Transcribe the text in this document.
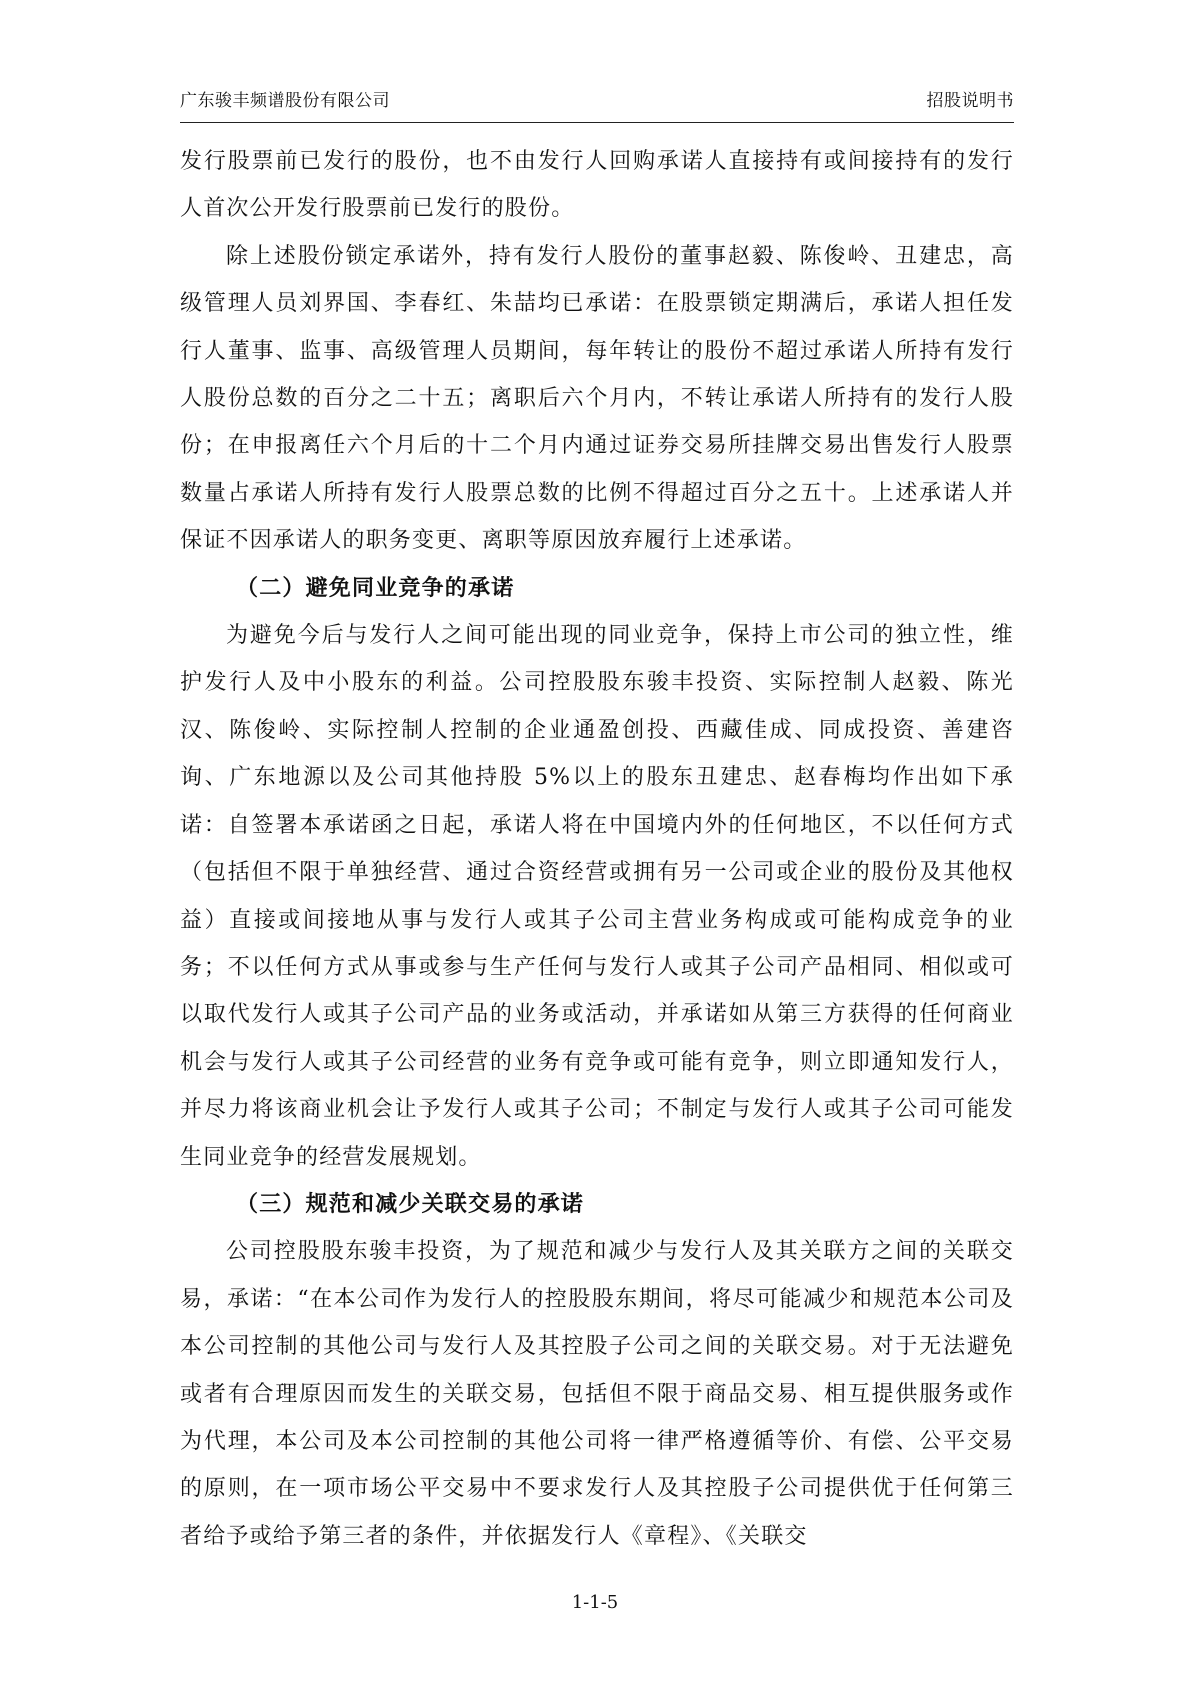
广东骏丰频谱股份有限公司	招股说明书

发行股票前已发行的股份，也不由发行人回购承诺人直接持有或间接持有的发行人首次公开发行股票前已发行的股份。

除上述股份锁定承诺外，持有发行人股份的董事赵毅、陈俊岭、丑建忠，高级管理人员刘界国、李春红、朱喆均已承诺：在股票锁定期满后，承诺人担任发行人董事、监事、高级管理人员期间，每年转让的股份不超过承诺人所持有发行人股份总数的百分之二十五；离职后六个月内，不转让承诺人所持有的发行人股份；在申报离任六个月后的十二个月内通过证券交易所挂牌交易出售发行人股票数量占承诺人所持有发行人股票总数的比例不得超过百分之五十。上述承诺人并保证不因承诺人的职务变更、离职等原因放弃履行上述承诺。

（二）避免同业竞争的承诺

为避免今后与发行人之间可能出现的同业竞争，保持上市公司的独立性，维护发行人及中小股东的利益。公司控股股东骏丰投资、实际控制人赵毅、陈光汉、陈俊岭、实际控制人控制的企业通盈创投、西藏佳成、同成投资、善建咨询、广东地源以及公司其他持股 5%以上的股东丑建忠、赵春梅均作出如下承诺：自签署本承诺函之日起，承诺人将在中国境内外的任何地区，不以任何方式（包括但不限于单独经营、通过合资经营或拥有另一公司或企业的股份及其他权益）直接或间接地从事与发行人或其子公司主营业务构成或可能构成竞争的业务；不以任何方式从事或参与生产任何与发行人或其子公司产品相同、相似或可以取代发行人或其子公司产品的业务或活动，并承诺如从第三方获得的任何商业机会与发行人或其子公司经营的业务有竞争或可能有竞争，则立即通知发行人，并尽力将该商业机会让予发行人或其子公司；不制定与发行人或其子公司可能发生同业竞争的经营发展规划。

（三）规范和减少关联交易的承诺

公司控股股东骏丰投资，为了规范和减少与发行人及其关联方之间的关联交易，承诺：“在本公司作为发行人的控股股东期间，将尽可能减少和规范本公司及本公司控制的其他公司与发行人及其控股子公司之间的关联交易。对于无法避免或者有合理原因而发生的关联交易，包括但不限于商品交易、相互提供服务或作为代理，本公司及本公司控制的其他公司将一律严格遵循等价、有偿、公平交易的原则，在一项市场公平交易中不要求发行人及其控股子公司提供优于任何第三者给予或给予第三者的条件，并依据发行人《章程》、《关联交

1-1-5
